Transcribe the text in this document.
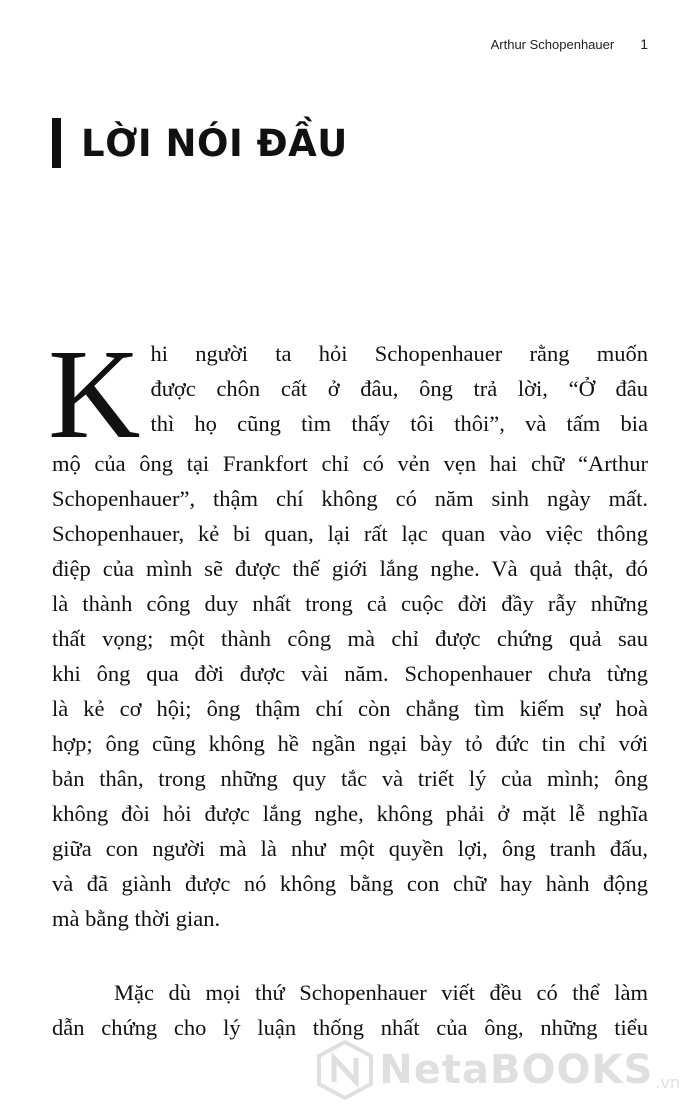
Arthur Schopenhauer 1
LỜI NÓI ĐẦU
K hi người ta hỏi Schopenhauer rằng muốn
được chôn cất ở đâu, ông trả lời, “Ở đâu
thì họ cũng tìm thấy tôi thôi”, và tấm bia
mộ của ông tại Frankfort chỉ có vẻn vẹn hai chữ “Arthur
Schopenhauer”, thậm chí không có năm sinh ngày mất.
Schopenhauer, kẻ bi quan, lại rất lạc quan vào việc thông
điệp của mình sẽ được thế giới lắng nghe. Và quả thật, đó
là thành công duy nhất trong cả cuộc đời đầy rẫy những
thất vọng; một thành công mà chỉ được chứng quả sau
khi ông qua đời được vài năm. Schopenhauer chưa từng
là kẻ cơ hội; ông thậm chí còn chẳng tìm kiếm sự hoà
hợp; ông cũng không hề ngần ngại bày tỏ đức tin chỉ với
bản thân, trong những quy tắc và triết lý của mình; ông
không đòi hỏi được lắng nghe, không phải ở mặt lễ nghĩa
giữa con người mà là như một quyền lợi, ông tranh đấu,
và đã giành được nó không bằng con chữ hay hành động
mà bằng thời gian.
Mặc dù mọi thứ Schopenhauer viết đều có thể làm
dẫn chứng cho lý luận thống nhất của ông, những tiểu
NetaBOOKS .vn
